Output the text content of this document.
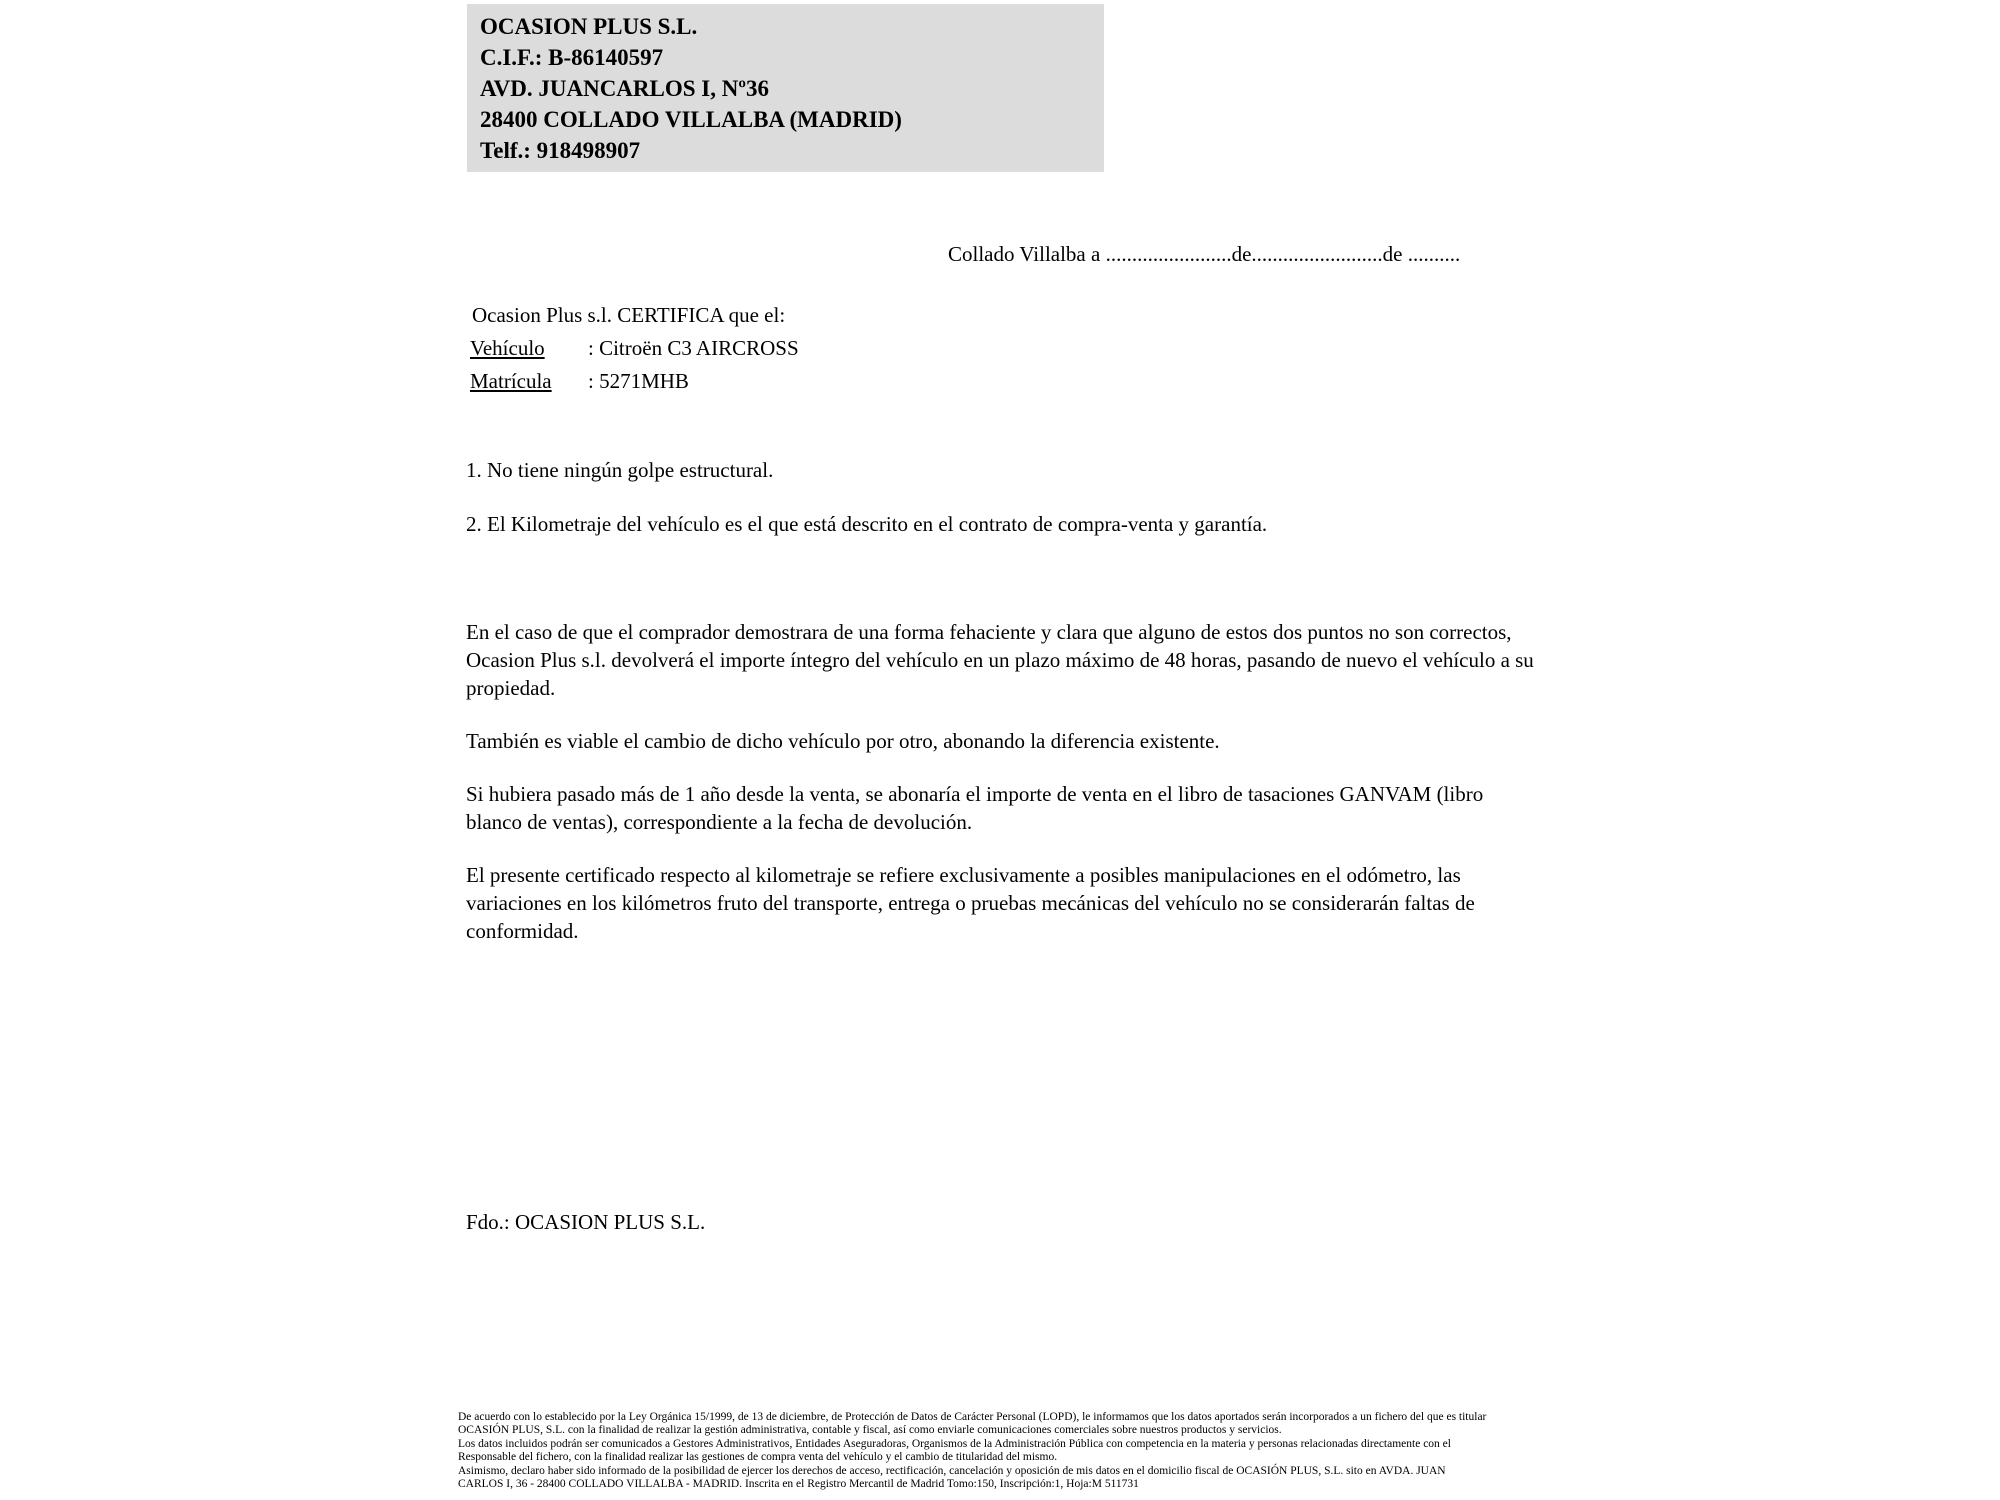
OCASION PLUS S.L.
C.I.F.: B-86140597
AVD. JUANCARLOS I, Nº36
28400 COLLADO VILLALBA (MADRID)
Telf.: 918498907
Collado Villalba a ........................de.........................de ..........
Ocasion Plus s.l. CERTIFICA que el:
Vehículo : Citroën C3 AIRCROSS
Matrícula : 5271MHB
1. No tiene ningún golpe estructural.
2. El Kilometraje del vehículo es el que está descrito en el contrato de compra-venta y garantía.
En el caso de que el comprador demostrara de una forma fehaciente y clara que alguno de estos dos puntos no son correctos, Ocasion Plus s.l. devolverá el importe íntegro del vehículo en un plazo máximo de 48 horas, pasando de nuevo el vehículo a su propiedad.
También es viable el cambio de dicho vehículo por otro, abonando la diferencia existente.
Si hubiera pasado más de 1 año desde la venta, se abonaría el importe de venta en el libro de tasaciones GANVAM (libro blanco de ventas), correspondiente a la fecha de devolución.
El presente certificado respecto al kilometraje se refiere exclusivamente a posibles manipulaciones en el odómetro, las variaciones en los kilómetros fruto del transporte, entrega o pruebas mecánicas del vehículo no se considerarán faltas de conformidad.
Fdo.: OCASION PLUS S.L.
De acuerdo con lo establecido por la Ley Orgánica 15/1999, de 13 de diciembre, de Protección de Datos de Carácter Personal (LOPD), le informamos que los datos aportados serán incorporados a un fichero del que es titular
OCASIÓN PLUS, S.L. con la finalidad de realizar la gestión administrativa, contable y fiscal, así como enviarle comunicaciones comerciales sobre nuestros productos y servicios.
Los datos incluidos podrán ser comunicados a Gestores Administrativos, Entidades Aseguradoras, Organismos de la Administración Pública con competencia en la materia y personas relacionadas directamente con el
Responsable del fichero, con la finalidad realizar las gestiones de compra venta del vehículo y el cambio de titularidad del mismo.
Asimismo, declaro haber sido informado de la posibilidad de ejercer los derechos de acceso, rectificación, cancelación y oposición de mis datos en el domicilio fiscal de OCASIÓN PLUS, S.L. sito en AVDA. JUAN
CARLOS I, 36 - 28400 COLLADO VILLALBA - MADRID. Inscrita en el Registro Mercantil de Madrid Tomo:150, Inscripción:1, Hoja:M 511731
